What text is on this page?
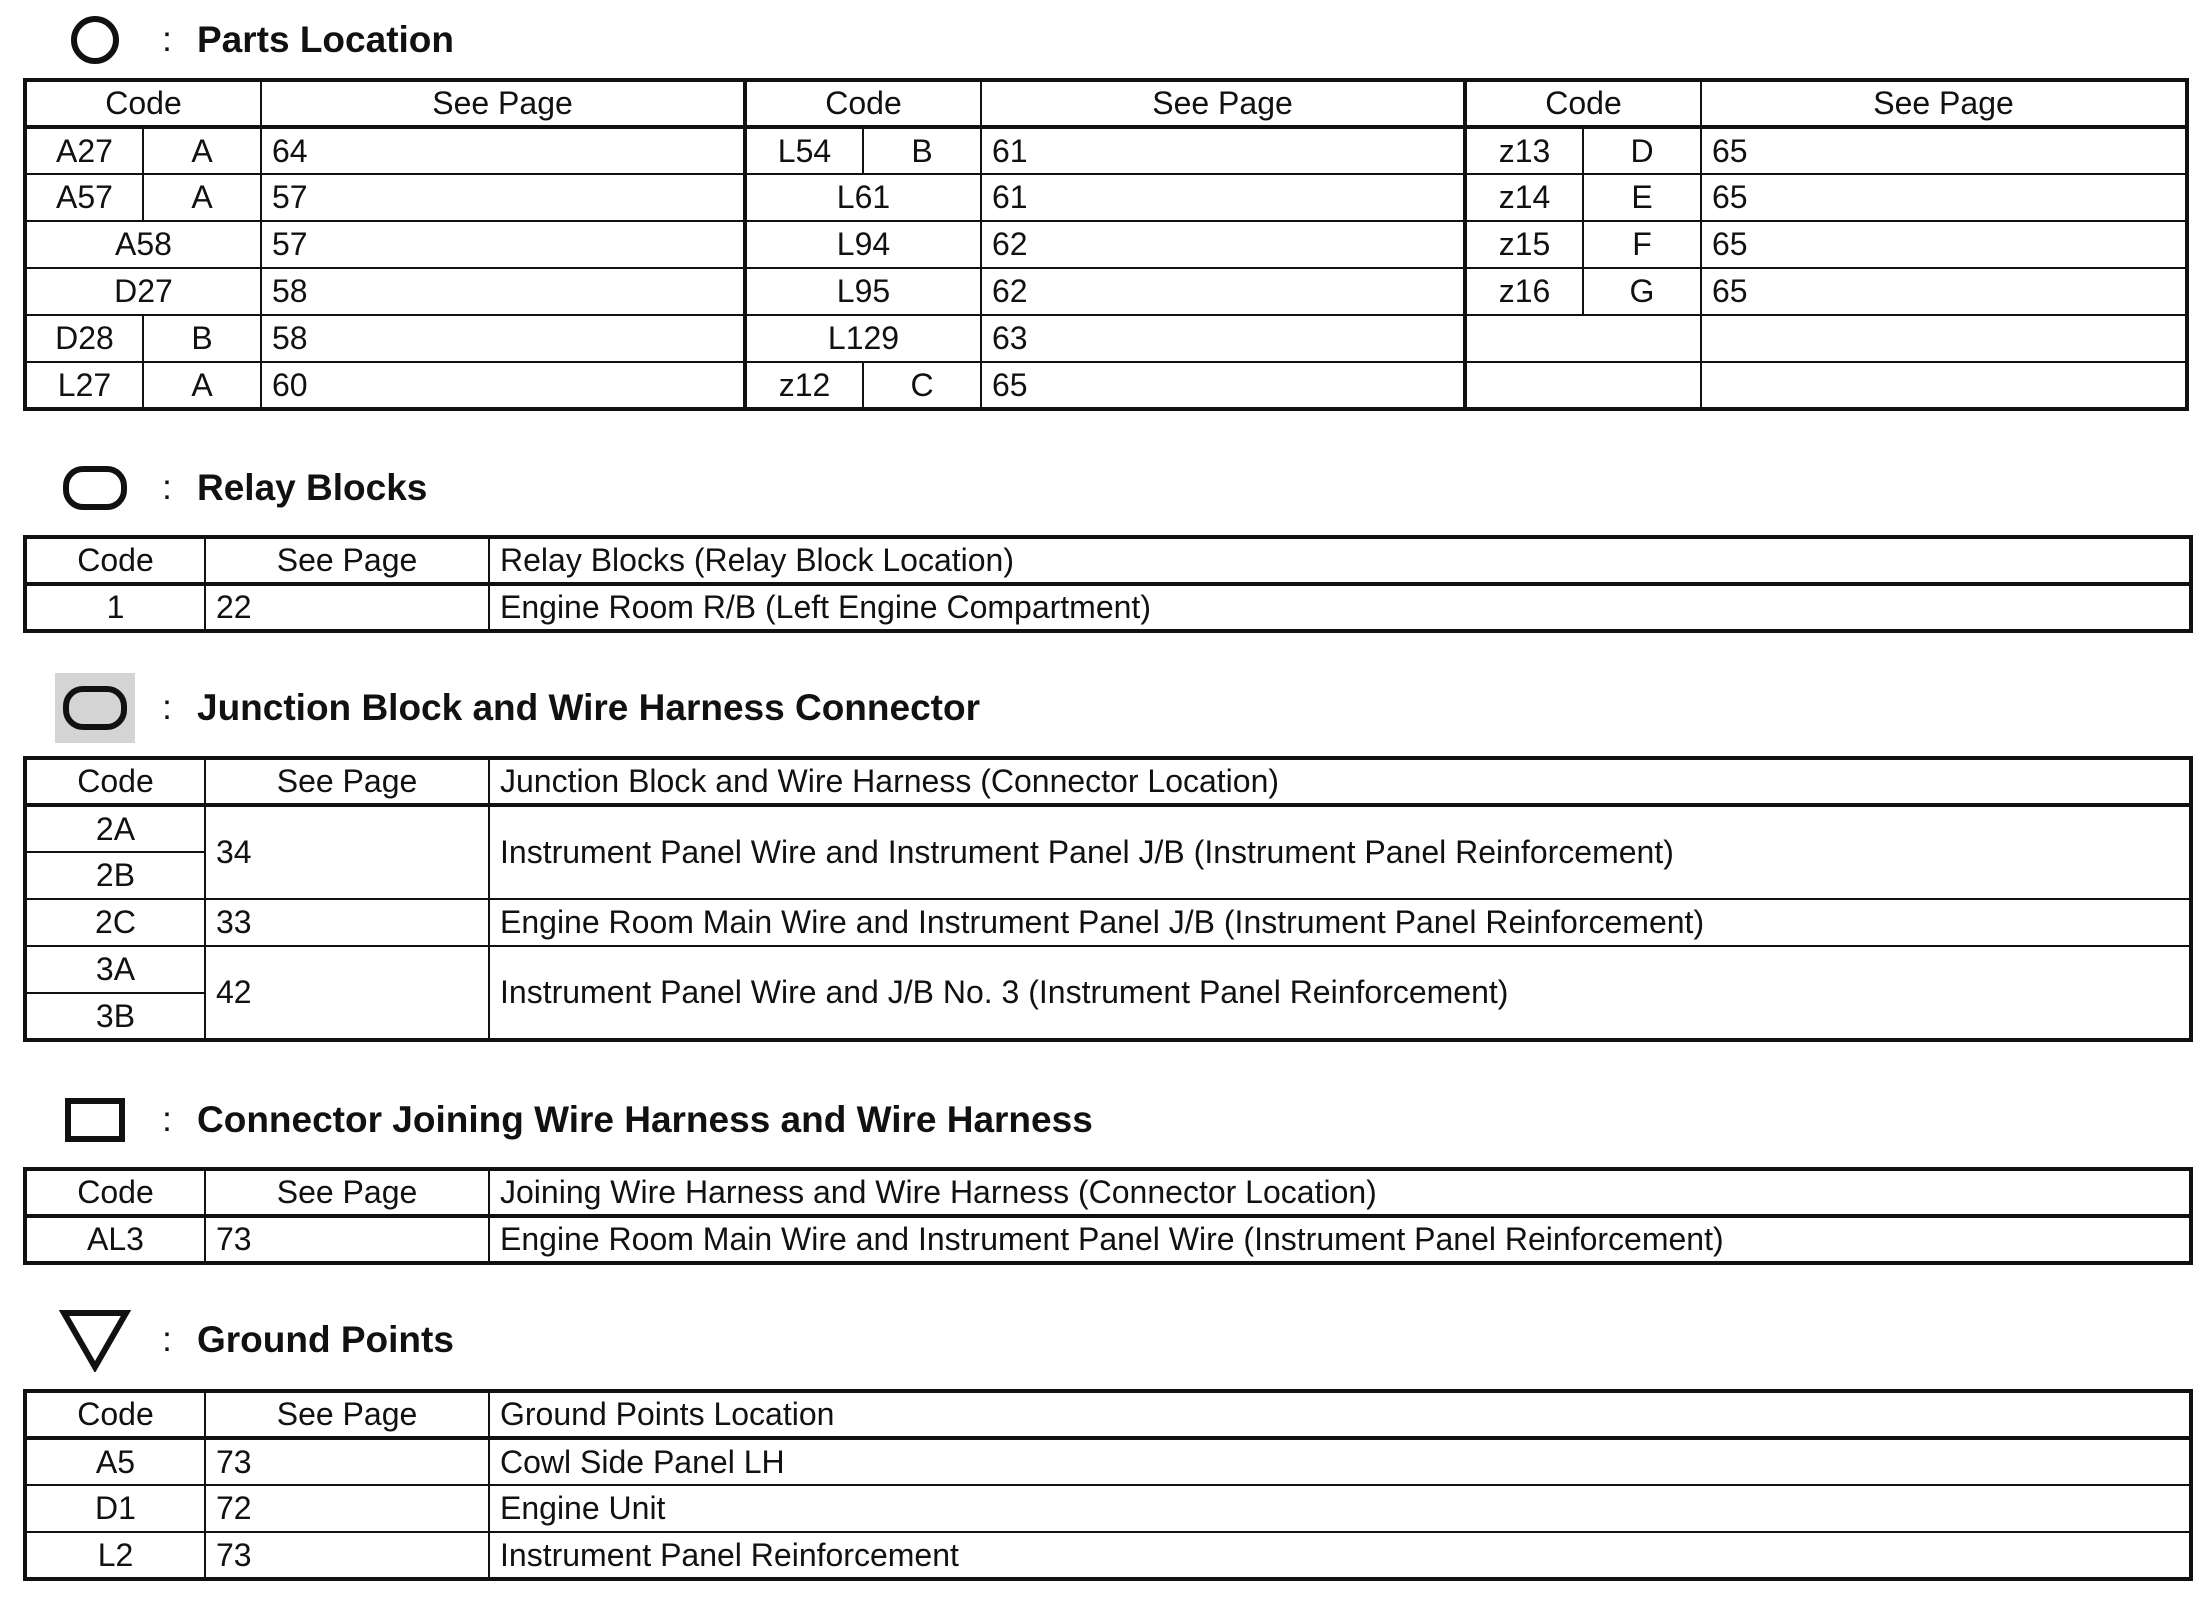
: Parts Location
Code		See Page	Code		See Page	Code		See Page
A27	A	64	L54	B	61	z13	D	65
A57	A	57	L61		61	z14	E	65
A58		57	L94		62	z15	F	65
D27		58	L95		62	z16	G	65
D28	B	58	L129		63			
L27	A	60	z12	C	65			
: Relay Blocks
Code	See Page	Relay Blocks (Relay Block Location)
1	22	Engine Room R/B (Left Engine Compartment)
: Junction Block and Wire Harness Connector
Code	See Page	Junction Block and Wire Harness (Connector Location)
2A	34	Instrument Panel Wire and Instrument Panel J/B (Instrument Panel Reinforcement)
2B		
2C	33	Engine Room Main Wire and Instrument Panel J/B (Instrument Panel Reinforcement)
3A	42	Instrument Panel Wire and J/B No. 3 (Instrument Panel Reinforcement)
3B		
: Connector Joining Wire Harness and Wire Harness
Code	See Page	Joining Wire Harness and Wire Harness (Connector Location)
AL3	73	Engine Room Main Wire and Instrument Panel Wire (Instrument Panel Reinforcement)
: Ground Points
Code	See Page	Ground Points Location
A5	73	Cowl Side Panel LH
D1	72	Engine Unit
L2	73	Instrument Panel Reinforcement
